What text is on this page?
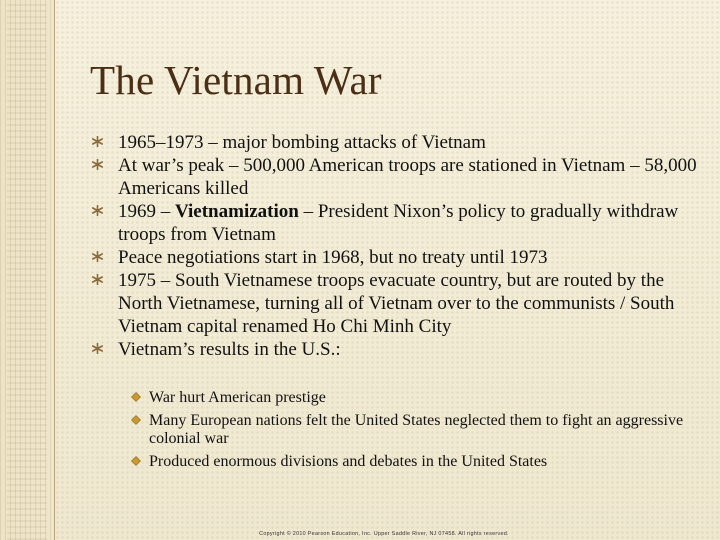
The Vietnam War
1965–1973 – major bombing attacks of Vietnam
At war’s peak – 500,000 American troops are stationed in Vietnam – 58,000 Americans killed
1969 – Vietnamization – President Nixon’s policy to gradually withdraw troops from Vietnam
Peace negotiations start in 1968, but no treaty until 1973
1975 – South Vietnamese troops evacuate country, but are routed by the North Vietnamese, turning all of Vietnam over to the communists / South Vietnam capital renamed Ho Chi Minh City
Vietnam’s results in the U.S.:
War hurt American prestige
Many European nations felt the United States neglected them to fight an aggressive colonial war
Produced enormous divisions and debates in the United States
Copyright © 2010 Pearson Education, Inc. Upper Saddle River, NJ 07458. All rights reserved.
